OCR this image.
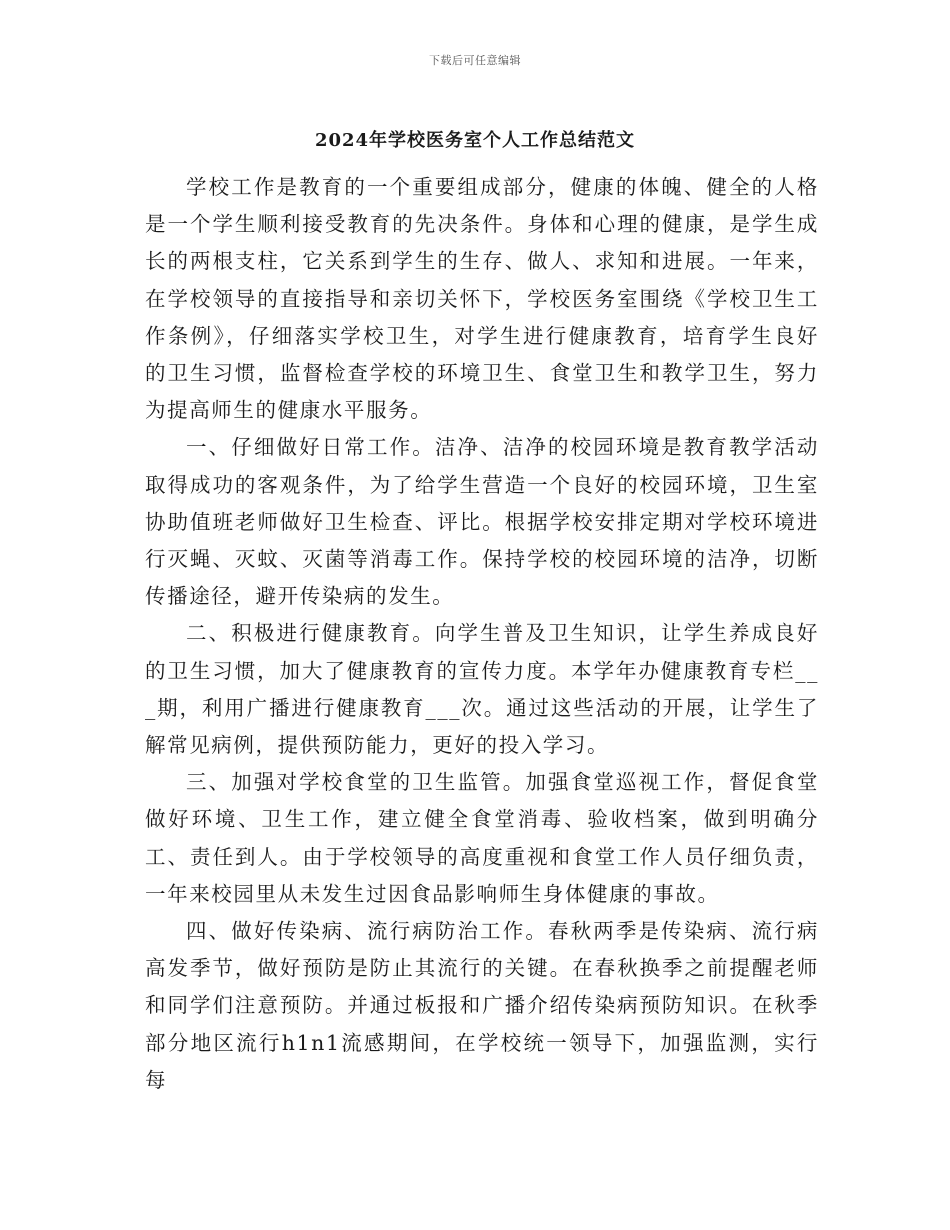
下载后可任意编辑
2024年学校医务室个人工作总结范文

学校工作是教育的一个重要组成部分，健康的体魄、健全的人格是一个学生顺利接受教育的先决条件。身体和心理的健康，是学生成长的两根支柱，它关系到学生的生存、做人、求知和进展。一年来，在学校领导的直接指导和亲切关怀下，学校医务室围绕《学校卫生工作条例》，仔细落实学校卫生，对学生进行健康教育，培育学生良好的卫生习惯，监督检查学校的环境卫生、食堂卫生和教学卫生，努力为提高师生的健康水平服务。

一、仔细做好日常工作。洁净、洁净的校园环境是教育教学活动取得成功的客观条件，为了给学生营造一个良好的校园环境，卫生室协助值班老师做好卫生检查、评比。根据学校安排定期对学校环境进行灭蝇、灭蚊、灭菌等消毒工作。保持学校的校园环境的洁净，切断传播途径，避开传染病的发生。

二、积极进行健康教育。向学生普及卫生知识，让学生养成良好的卫生习惯，加大了健康教育的宣传力度。本学年办健康教育专栏___期，利用广播进行健康教育___次。通过这些活动的开展，让学生了解常见病例，提供预防能力，更好的投入学习。

三、加强对学校食堂的卫生监管。加强食堂巡视工作，督促食堂做好环境、卫生工作，建立健全食堂消毒、验收档案，做到明确分工、责任到人。由于学校领导的高度重视和食堂工作人员仔细负责，一年来校园里从未发生过因食品影响师生身体健康的事故。

四、做好传染病、流行病防治工作。春秋两季是传染病、流行病高发季节，做好预防是防止其流行的关键。在春秋换季之前提醒老师和同学们注意预防。并通过板报和广播介绍传染病预防知识。在秋季部分地区流行h1n1流感期间，在学校统一领导下，加强监测，实行每
